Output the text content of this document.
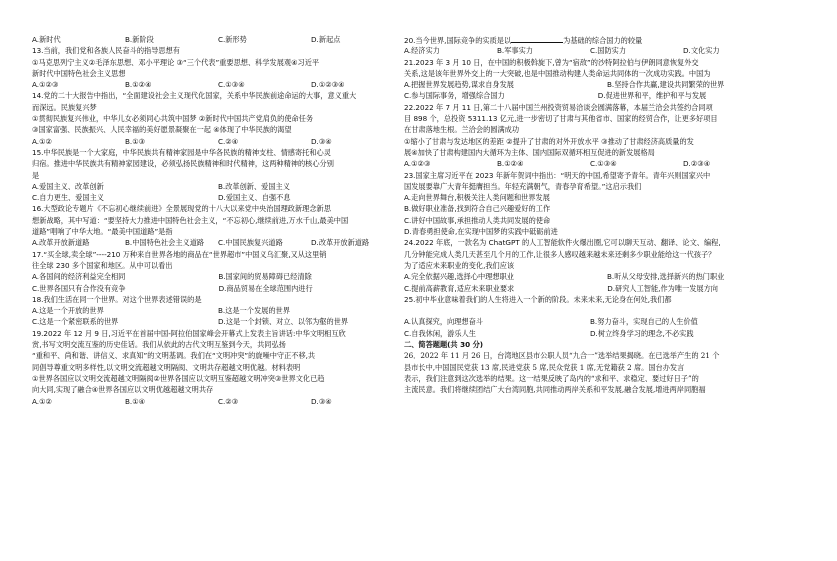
A.新时代	B.新阶段	C.新形势	D.新起点
13.当前，我们党和各族人民奋斗的指导思想有
①马克思列宁主义②毛泽东思想、邓小平理论 ③“三个代表”重要思想、科学发展观④习近平
新时代中国特色社会主义思想
A.①②③	B.①②④	C.①③④	D.①②③④
14.党的二十大报告中指出，“全面建设社会主义现代化国家，关系中华民族前途命运的大事，意义重大
而深远。民族复兴梦
①贯彻民族复兴伟业，中华儿女必须同心共筑中国梦 ②新时代中国共产党肩负的使命任务
③国家富强、民族振兴、人民幸福的美好愿景凝聚在一起 ④体现了中华民族的渴望
A.①②	B.①③	C.②④	D.③④
15.中华民族是一个大家庭，中华民族共有精神家园是中华各民族的精神支柱、情感寄托和心灵
归宿。推进中华民族共有精神家园建设，必须弘扬民族精神和时代精神，这两种精神的核心分别
是
A.爱国主义、改革创新	B.改革创新、爱国主义
C.自力更生、爱国主义	D.爱国主义、自强不息
16.大型政论专题片《不忘初心继续前进》全景展现党的十八大以来党中央治国理政新理念新思
想新战略，其中写道：“要坚持大力推进中国特色社会主义，“不忘初心,继续前进,万水千山,最美中国
道路”唱响了中华大地。“最美中国道路”是指
A.改革开放新道路	B.中国特色社会主义道路	C.中国民族复兴道路	D.改革开放新道路
17.“买全球,卖全球”----210 万种来自世界各地的商品在“世界超市”中国义乌汇聚,又从这里销
往全球 230 多个国家和地区。从中可以看出
A.各国间的经济利益完全相同	B.国家间的贸易障碍已经清除
C.世界各国只有合作没有竞争	D.商品贸易在全球范围内进行
18.我们生活在同一个世界。对这个世界表述错误的是
A.这是一个开放的世界	B.这是一个发展的世界
C.这是一个紧密联系的世界	D.这是一个封锁、对立、以邻为壑的世界
19.2022 年 12 月 9 日,习近平在首届中国-阿拉伯国家峰会开幕式上发表主旨讲话:中华文明相互欣
赏,书写文明交流互鉴的历史佳话。我们从依此的古代文明互鉴到今天，共同弘扬
“重和平、尚和谐、讲信义、求真知”的文明基调。我们在“文明冲突”的旋噪中守正不移,共
同倡导尊重文明多样性,以文明交流超越文明隔阂、文明共存超越文明优越。材料表明
①世界各国应以文明交流超越文明隔阂②世界各国应以文明互鉴超越文明冲突③世界文化已趋
向大同,实现了融合④世界各国应以文明优越超越文明共存
A.①②	B.①④	C.②③	D.③④
20.当今世界,国际竞争的实质是以	为基础的综合国力的较量
A.经济实力	B.军事实力	C.国防实力	D.文化实力
21.2023 年 3 月 10 日，在中国的积极斡旋下,曾为“宿敌”的沙特阿拉伯与伊朗同意恢复外交
关系,这是该年世界外交上的一大突破,也是中国推动构建人类命运共同体的一次成功实践。中国为
A.把握世界发展趋势,谋求自身发展	B.坚持合作共赢,建设共同繁荣的世界
C.参与国际事务，增强综合国力	D.促进世界和平，维护和平与发展
22.2022 年 7 月 11 日,第二十八届中国兰州投资贸易洽谈会圆满落幕，本届兰洽会共签约合同项
目 898 个，总投资 5311.13 亿元,进一步密切了甘肃与其他省市、国家的经贸合作，让更多好项目
在甘肃落地生根。兰洽会的圆满成功
①缩小了甘肃与发达地区的差距 ②提升了甘肃的对外开放水平 ③推动了甘肃经济高质量的发
展④加快了甘肃构建国内大循环为主体、国内国际双循环相互促进的新发展格局
A.①②③	B.①②④	C.①③④	D.②③④
23.国家主席习近平在 2023 年新年贺词中指出：“明天的中国,希望寄予青年。青年兴则国家兴中
国发展要靠广大青年挺膺担当。年轻充满朝气，青春孕育希望。”这启示我们
A.走向世界舞台,积极关注人类问题和世界发展
B.做好职业准备,找到符合自己兴趣爱好的工作
C.讲好中国故事,承担推动人类共同发展的使命
D.青春勇担使命,在实现中国梦的实践中砥砺前进
24.2022 年底，一款名为 ChatGPT 的人工智能软件火爆出圈,它可以聊天互动、翻译、论文、编程,
几分钟能完成人类几天甚至几个月的工作,让很多人感叹越来越未来还剩多少职业能给这一代孩子？
为了适应未来职业的变化,我们应该
A.完全依据兴趣,选择心中理想职业	B.听从父母安排,选择新兴的热门职业
C.提前高薪教育,适应未来职业要求	D.研究人工智能,作为唯一发展方向
25.初中毕业意味着我们的人生将进入一个新的阶段。未来未来,无论身在何处,我们都
A.认真探究，向理想奋斗	B.努力奋斗，实现自己的人生价值
C.自我休闲，游乐人生	D.树立终身学习的理念,不必实践
二、简答题题(共 30 分)
26．2022 年 11 月 26 日，台湾地区县市公职人员“九合一”选举结果揭晓。在已选举产生的 21 个
县市长中,中国国民党获 13 席,民进党获 5 席,民众党获 1 席,无党籍获 2 席。国台办发言
表示，我们注意到这次选举的结果。这一结果反映了岛内的“求和平、求稳定、要过好日子”的
主流民意。我们将继续团结广大台湾同胞,共同推动两岸关系和平发展,融合发展,增进两岸同胞福
